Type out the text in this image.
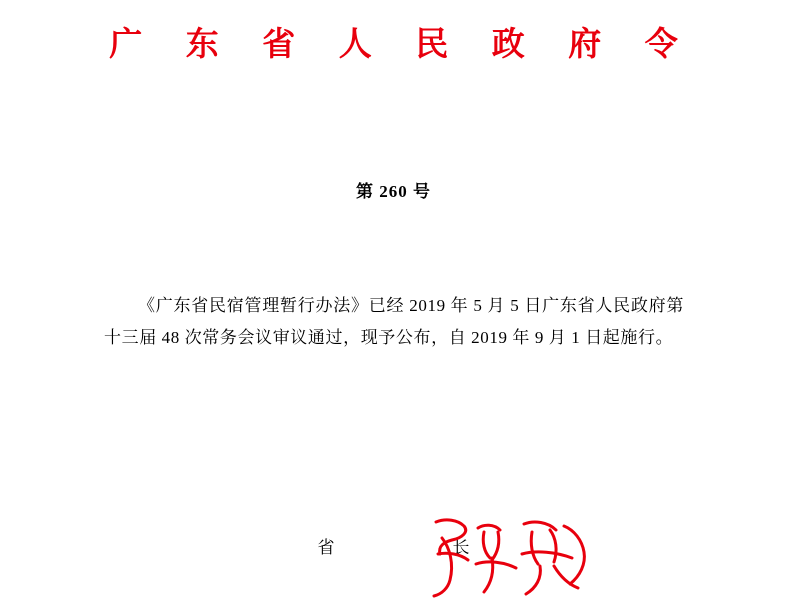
广 东 省 人 民 政 府 令
第 260 号

《广东省民宿管理暂行办法》已经 2019 年 5 月 5 日广东省人民政府第十三届 48 次常务会议审议通过，现予公布，自 2019 年 9 月 1 日起施行。

省　　长
